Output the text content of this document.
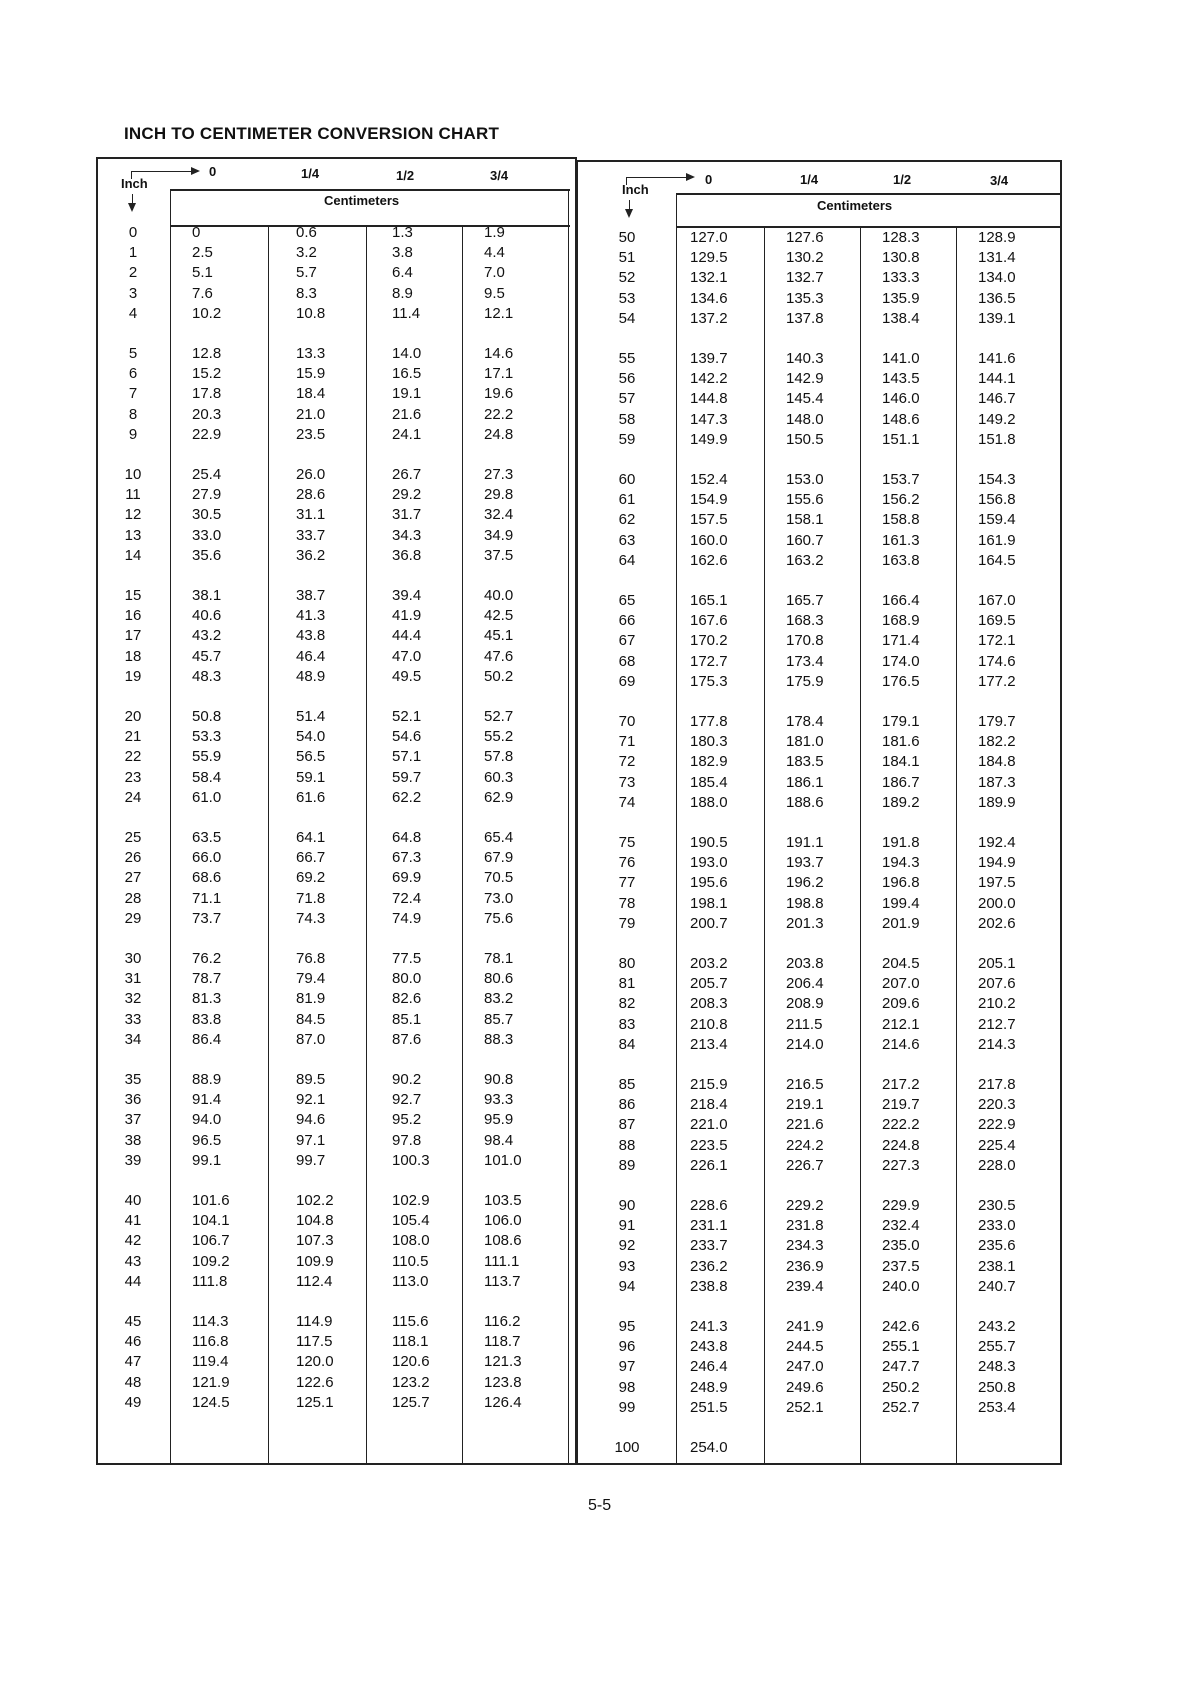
INCH TO CENTIMETER CONVERSION CHART
Inch
0	1/4	1/2	3/4
Centimeters
0	0	0.6	1.3	1.9
1	2.5	3.2	3.8	4.4
2	5.1	5.7	6.4	7.0
3	7.6	8.3	8.9	9.5
4	10.2	10.8	11.4	12.1
5	12.8	13.3	14.0	14.6
6	15.2	15.9	16.5	17.1
7	17.8	18.4	19.1	19.6
8	20.3	21.0	21.6	22.2
9	22.9	23.5	24.1	24.8
10	25.4	26.0	26.7	27.3
11	27.9	28.6	29.2	29.8
12	30.5	31.1	31.7	32.4
13	33.0	33.7	34.3	34.9
14	35.6	36.2	36.8	37.5
15	38.1	38.7	39.4	40.0
16	40.6	41.3	41.9	42.5
17	43.2	43.8	44.4	45.1
18	45.7	46.4	47.0	47.6
19	48.3	48.9	49.5	50.2
20	50.8	51.4	52.1	52.7
21	53.3	54.0	54.6	55.2
22	55.9	56.5	57.1	57.8
23	58.4	59.1	59.7	60.3
24	61.0	61.6	62.2	62.9
25	63.5	64.1	64.8	65.4
26	66.0	66.7	67.3	67.9
27	68.6	69.2	69.9	70.5
28	71.1	71.8	72.4	73.0
29	73.7	74.3	74.9	75.6
30	76.2	76.8	77.5	78.1
31	78.7	79.4	80.0	80.6
32	81.3	81.9	82.6	83.2
33	83.8	84.5	85.1	85.7
34	86.4	87.0	87.6	88.3
35	88.9	89.5	90.2	90.8
36	91.4	92.1	92.7	93.3
37	94.0	94.6	95.2	95.9
38	96.5	97.1	97.8	98.4
39	99.1	99.7	100.3	101.0
40	101.6	102.2	102.9	103.5
41	104.1	104.8	105.4	106.0
42	106.7	107.3	108.0	108.6
43	109.2	109.9	110.5	111.1
44	111.8	112.4	113.0	113.7
45	114.3	114.9	115.6	116.2
46	116.8	117.5	118.1	118.7
47	119.4	120.0	120.6	121.3
48	121.9	122.6	123.2	123.8
49	124.5	125.1	125.7	126.4
Inch
0	1/4	1/2	3/4
Centimeters
50	127.0	127.6	128.3	128.9
51	129.5	130.2	130.8	131.4
52	132.1	132.7	133.3	134.0
53	134.6	135.3	135.9	136.5
54	137.2	137.8	138.4	139.1
55	139.7	140.3	141.0	141.6
56	142.2	142.9	143.5	144.1
57	144.8	145.4	146.0	146.7
58	147.3	148.0	148.6	149.2
59	149.9	150.5	151.1	151.8
60	152.4	153.0	153.7	154.3
61	154.9	155.6	156.2	156.8
62	157.5	158.1	158.8	159.4
63	160.0	160.7	161.3	161.9
64	162.6	163.2	163.8	164.5
65	165.1	165.7	166.4	167.0
66	167.6	168.3	168.9	169.5
67	170.2	170.8	171.4	172.1
68	172.7	173.4	174.0	174.6
69	175.3	175.9	176.5	177.2
70	177.8	178.4	179.1	179.7
71	180.3	181.0	181.6	182.2
72	182.9	183.5	184.1	184.8
73	185.4	186.1	186.7	187.3
74	188.0	188.6	189.2	189.9
75	190.5	191.1	191.8	192.4
76	193.0	193.7	194.3	194.9
77	195.6	196.2	196.8	197.5
78	198.1	198.8	199.4	200.0
79	200.7	201.3	201.9	202.6
80	203.2	203.8	204.5	205.1
81	205.7	206.4	207.0	207.6
82	208.3	208.9	209.6	210.2
83	210.8	211.5	212.1	212.7
84	213.4	214.0	214.6	214.3
85	215.9	216.5	217.2	217.8
86	218.4	219.1	219.7	220.3
87	221.0	221.6	222.2	222.9
88	223.5	224.2	224.8	225.4
89	226.1	226.7	227.3	228.0
90	228.6	229.2	229.9	230.5
91	231.1	231.8	232.4	233.0
92	233.7	234.3	235.0	235.6
93	236.2	236.9	237.5	238.1
94	238.8	239.4	240.0	240.7
95	241.3	241.9	242.6	243.2
96	243.8	244.5	255.1	255.7
97	246.4	247.0	247.7	248.3
98	248.9	249.6	250.2	250.8
99	251.5	252.1	252.7	253.4
100	254.0
5-5
